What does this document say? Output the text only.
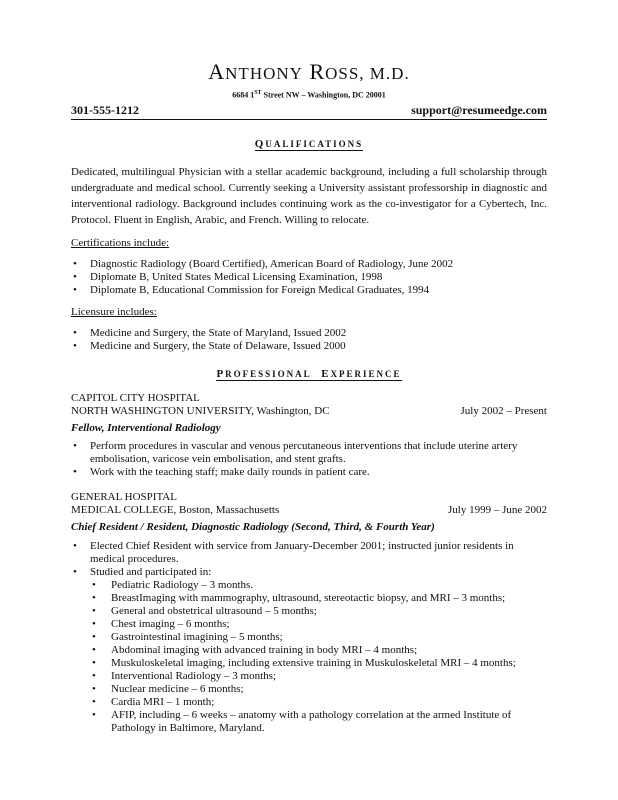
ANTHONY ROSS, M.D.
6684 1ST Street NW – Washington, DC 20001
301-555-1212	support@resumeedge.com
QUALIFICATIONS
Dedicated, multilingual Physician with a stellar academic background, including a full scholarship through undergraduate and medical school. Currently seeking a University assistant professorship in diagnostic and interventional radiology. Background includes continuing work as the co-investigator for a Cybertech, Inc. Protocol. Fluent in English, Arabic, and French. Willing to relocate.
Certifications include:
• Diagnostic Radiology (Board Certified), American Board of Radiology, June 2002
• Diplomate B, United States Medical Licensing Examination, 1998
• Diplomate B, Educational Commission for Foreign Medical Graduates, 1994
Licensure includes:
• Medicine and Surgery, the State of Maryland, Issued 2002
• Medicine and Surgery, the State of Delaware, Issued 2000
PROFESSIONAL EXPERIENCE
CAPITOL CITY HOSPITAL
NORTH WASHINGTON UNIVERSITY, Washington, DC	July 2002 – Present
Fellow, Interventional Radiology
• Perform procedures in vascular and venous percutaneous interventions that include uterine artery embolisation, varicose vein embolisation, and stent grafts.
• Work with the teaching staff; make daily rounds in patient care.
GENERAL HOSPITAL
MEDICAL COLLEGE, Boston, Massachusetts	July 1999 – June 2002
Chief Resident / Resident, Diagnostic Radiology (Second, Third, & Fourth Year)
• Elected Chief Resident with service from January-December 2001; instructed junior residents in medical procedures.
• Studied and participated in:
• Pediatric Radiology – 3 months.
• BreastImaging with mammography, ultrasound, stereotactic biopsy, and MRI – 3 months;
• General and obstetrical ultrasound – 5 months;
• Chest imaging – 6 months;
• Gastrointestinal imagining – 5 months;
• Abdominal imaging with advanced training in body MRI – 4 months;
• Muskuloskeletal imaging, including extensive training in Muskuloskeletal MRI – 4 months;
• Interventional Radiology – 3 months;
• Nuclear medicine – 6 months;
• Cardia MRI – 1 month;
• AFIP, including – 6 weeks – anatomy with a pathology correlation at the armed Institute of Pathology in Baltimore, Maryland.
